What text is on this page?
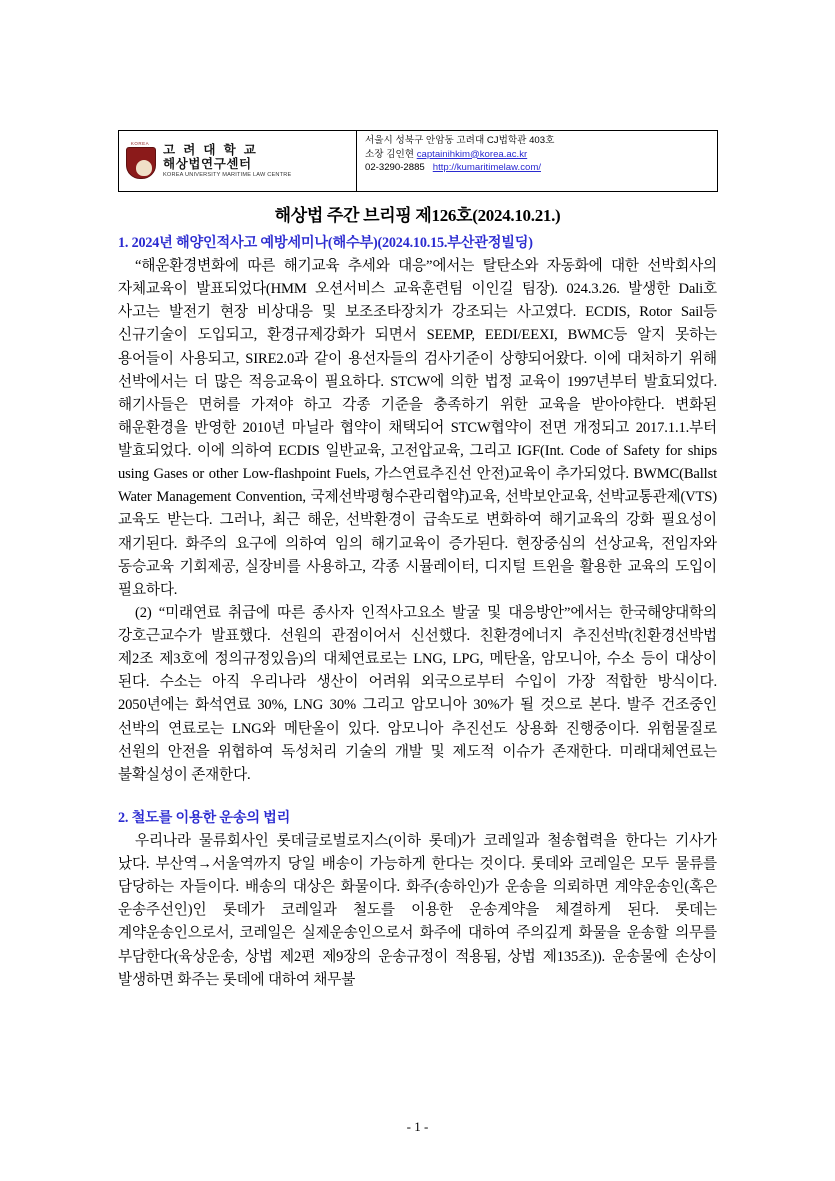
KOREA	고 려 대 학 교
해상법연구센터
KOREA UNIVERSITY MARITIME LAW CENTRE
서울시 성북구 안암동 고려대 CJ법학관 403호
소장 김인현 captainihkim@korea.ac.kr
02-3290-2885 http://kumaritimelaw.com/
해상법 주간 브리핑 제126호(2024.10.21.)
1. 2024년 해양인적사고 예방세미나(해수부)(2024.10.15.부산관정빌딩)

“해운환경변화에 따른 해기교육 추세와 대응”에서는 탈탄소와 자동화에 대한 선박회사의 자체교육이 발표되었다(HMM 오션서비스 교육훈련팀 이인길 팀장). 024.3.26. 발생한 Dali호 사고는 발전기 현장 비상대응 및 보조조타장치가 강조되는 사고였다. ECDIS, Rotor Sail등 신규기술이 도입되고, 환경규제강화가 되면서 SEEMP, EEDI/EEXI, BWMC등 알지 못하는 용어들이 사용되고, SIRE2.0과 같이 용선자들의 검사기준이 상향되어왔다. 이에 대처하기 위해 선박에서는 더 많은 적응교육이 필요하다. STCW에 의한 법정 교육이 1997년부터 발효되었다. 해기사들은 면허를 가져야 하고 각종 기준을 충족하기 위한 교육을 받아야한다. 변화된 해운환경을 반영한 2010년 마닐라 협약이 채택되어 STCW협약이 전면 개정되고 2017.1.1.부터 발효되었다. 이에 의하여 ECDIS 일반교육, 고전압교육, 그리고 IGF(Int. Code of Safety for ships using Gases or other Low-flashpoint Fuels, 가스연료추진선 안전)교육이 추가되었다. BWMC(Ballst Water Management Convention, 국제선박평형수관리협약)교육, 선박보안교육, 선박교통관제(VTS)교육도 받는다. 그러나, 최근 해운, 선박환경이 급속도로 변화하여 해기교육의 강화 필요성이 재기된다. 화주의 요구에 의하여 임의 해기교육이 증가된다. 현장중심의 선상교육, 전임자와 동승교육 기회제공, 실장비를 사용하고, 각종 시뮬레이터, 디지털 트윈을 활용한 교육의 도입이 필요하다.

(2) “미래연료 취급에 따른 종사자 인적사고요소 발굴 및 대응방안”에서는 한국해양대학의 강호근교수가 발표했다. 선원의 관점이어서 신선했다. 친환경에너지 추진선박(친환경선박법 제2조 제3호에 정의규정있음)의 대체연료로는 LNG, LPG, 메탄올, 암모니아, 수소 등이 대상이 된다. 수소는 아직 우리나라 생산이 어려워 외국으로부터 수입이 가장 적합한 방식이다. 2050년에는 화석연료 30%, LNG 30% 그리고 암모니아 30%가 될 것으로 본다. 발주 건조중인 선박의 연료로는 LNG와 메탄올이 있다. 암모니아 추진선도 상용화 진행중이다. 위험물질로 선원의 안전을 위협하여 독성처리 기술의 개발 및 제도적 이슈가 존재한다. 미래대체연료는 불확실성이 존재한다.

2. 철도를 이용한 운송의 법리

우리나라 물류회사인 롯데글로벌로지스(이하 롯데)가 코레일과 철송협력을 한다는 기사가 났다. 부산역→서울역까지 당일 배송이 가능하게 한다는 것이다. 롯데와 코레일은 모두 물류를 담당하는 자들이다. 배송의 대상은 화물이다. 화주(송하인)가 운송을 의뢰하면 계약운송인(혹은 운송주선인)인 롯데가 코레일과 철도를 이용한 운송계약을 체결하게 된다. 롯데는 계약운송인으로서, 코레일은 실제운송인으로서 화주에 대하여 주의깊게 화물을 운송할 의무를 부담한다(육상운송, 상법 제2편 제9장의 운송규정이 적용됨, 상법 제135조)). 운송물에 손상이 발생하면 화주는 롯데에 대하여 채무불

- 1 -
